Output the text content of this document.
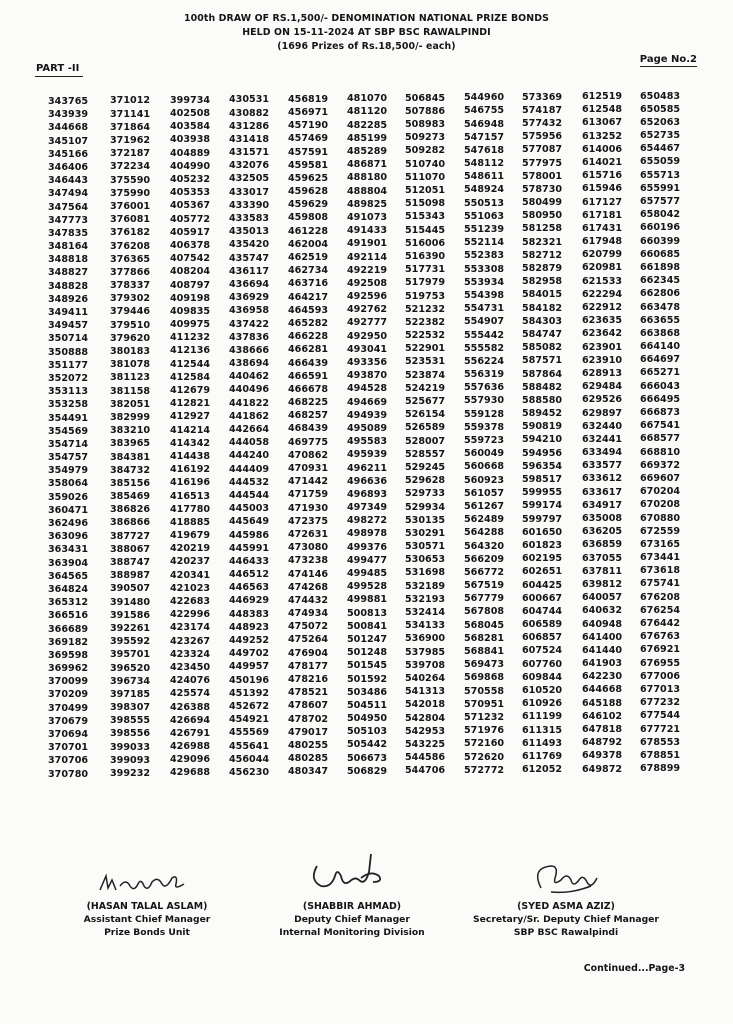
100th DRAW OF RS.1,500/- DENOMINATION NATIONAL PRIZE BONDS
HELD ON 15-11-2024 AT SBP BSC RAWALPINDI
(1696 Prizes of Rs.18,500/- each)
PART -II
Page No.2
343765
343939
344668
345107
345166
346406
346443
347494
347564
347773
347835
348164
348818
348827
348828
348926
349411
349457
350714
350888
351177
352072
353113
353258
354491
354569
354714
354757
354979
358064
359026
360471
362496
363096
363431
363904
364565
364824
365312
366516
366689
369182
369598
369962
370099
370209
370499
370679
370694
370701
370706
370780
371012
371141
371864
371962
372187
372234
375590
375990
376001
376081
376182
376208
376365
377866
378337
379302
379446
379510
379620
380183
381078
381123
381158
382051
382999
383210
383965
384381
384732
385156
385469
386826
386866
387727
388067
388747
388987
390507
391480
391586
392261
395592
395701
396520
396734
397185
398307
398555
398556
399033
399093
399232
399734
402508
403584
403938
404889
404990
405232
405353
405367
405772
405917
406378
407542
408204
408797
409198
409835
409975
411232
412136
412544
412584
412679
412821
412927
414214
414342
414438
416192
416196
416513
417780
418885
419679
420219
420237
420341
421023
422683
422996
423174
423267
423324
423450
424076
425574
426388
426694
426791
426988
429096
429688
430531
430882
431286
431418
431571
432076
432505
433017
433390
433583
435013
435420
435747
436117
436694
436929
436958
437422
437836
438666
438694
440462
440496
441822
441862
442664
444058
444240
444409
444532
444544
445003
445649
445986
445991
446433
446512
446563
446929
448383
448923
449252
449702
449957
450196
451392
452672
454921
455569
455641
456044
456230
456819
456971
457190
457469
457591
459581
459625
459628
459629
459808
461228
462004
462519
462734
463716
464217
464593
465282
466228
466281
466439
466591
466678
468225
468257
468439
469775
470862
470931
471442
471759
471930
472375
472631
473080
473238
474146
474268
474432
474934
475072
475264
476904
478177
478216
478521
478607
478702
479017
480255
480285
480347
481070
481120
482285
485199
485289
486871
488180
488804
489825
491073
491433
491901
492114
492219
492508
492596
492762
492777
492950
493041
493356
493870
494528
494669
494939
495089
495583
495939
496211
496636
496893
497349
498272
498978
499376
499477
499485
499528
499881
500813
500841
501247
501248
501545
501592
503486
504511
504950
505103
505442
506673
506829
506845
507886
508983
509273
509282
510740
511070
512051
515098
515343
515445
516006
516390
517731
517979
519753
521232
522382
522532
522901
523531
523874
524219
525677
526154
526589
528007
528557
529245
529628
529733
529934
530135
530291
530571
530653
531698
532189
532193
532414
534133
536900
537985
539708
540264
541313
542018
542804
542953
543225
544586
544706
544960
546755
546948
547157
547618
548112
548611
548924
550513
551063
551239
552114
552383
553308
553934
554398
554731
554907
555442
555582
556224
556319
557636
557930
559128
559378
559723
560049
560668
560923
561057
561267
562489
564288
564320
566209
566772
567519
567779
567808
568045
568281
568841
569473
569868
570558
570951
571232
571976
572160
572620
572772
573369
574187
577432
575956
577087
577975
578001
578730
580499
580950
581258
582321
582712
582879
582958
584015
584182
584303
584747
585082
587571
587864
588482
588580
589452
590819
594210
594956
596354
598517
599955
599174
599797
601650
601823
602195
602651
604425
600667
604744
606589
606857
607524
607760
609844
610520
610926
611199
611315
611493
611769
612052
612519
612548
613067
613252
614006
614021
615716
615946
617127
617181
617431
617948
620799
620981
621533
622294
622912
623635
623642
623901
623910
628913
629484
629526
629897
632440
632441
633494
633577
633612
633617
634917
635008
636205
636859
637055
637811
639812
640057
640632
640948
641400
641440
641903
642230
644668
645188
646102
647818
648792
649378
649872
650483
650585
652063
652735
654467
655059
655713
655991
657577
658042
660196
660399
660685
661898
662345
662806
663478
663655
663868
664140
664697
665271
666043
666495
666873
667541
668577
668810
669372
669607
670204
670208
670880
672559
673165
673441
673618
675741
676208
676254
676442
676763
676921
676955
677006
677013
677232
677544
677721
678553
678851
678899
(HASAN TALAL ASLAM)
Assistant Chief Manager
Prize Bonds Unit
(SHABBIR AHMAD)
Deputy Chief Manager
Internal Monitoring Division
(SYED ASMA AZIZ)
Secretary/Sr. Deputy Chief Manager
SBP BSC Rawalpindi
Continued...Page-3
